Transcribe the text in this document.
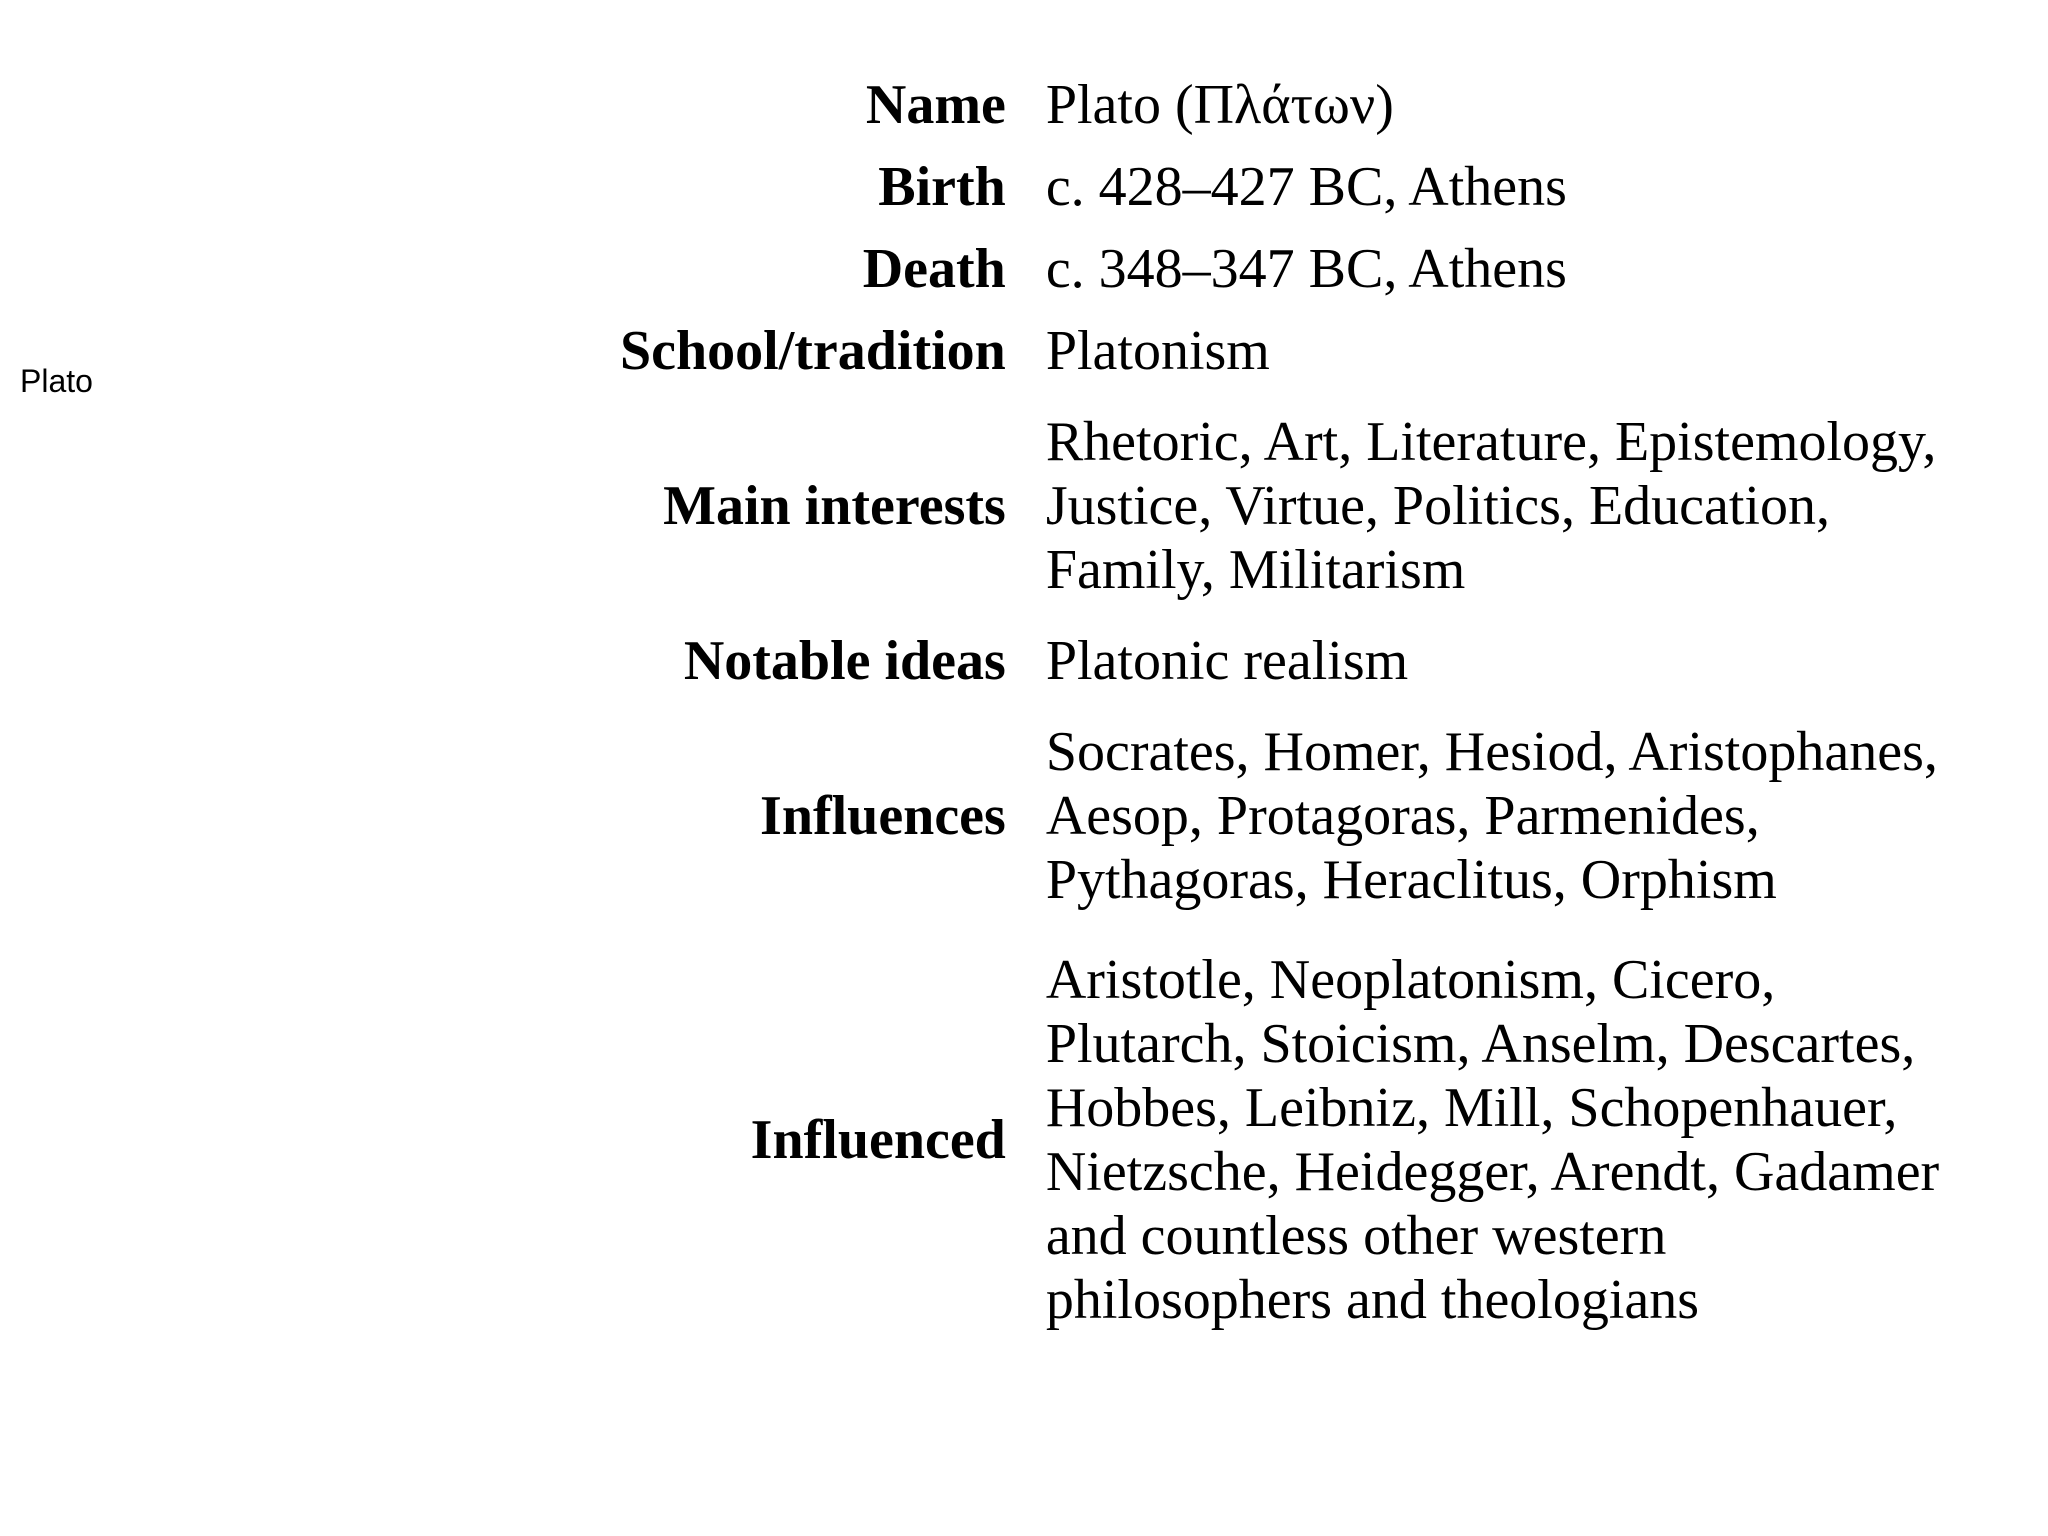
Plato
Name	Plato (Πλάτων)
Birth	c. 428–427 BC, Athens
Death	c. 348–347 BC, Athens
School/tradition	Platonism
Main interests	Rhetoric, Art, Literature, Epistemology, Justice, Virtue, Politics, Education, Family, Militarism
Notable ideas	Platonic realism
Influences	Socrates, Homer, Hesiod, Aristophanes, Aesop, Protagoras, Parmenides, Pythagoras, Heraclitus, Orphism
Influenced	Aristotle, Neoplatonism, Cicero, Plutarch, Stoicism, Anselm, Descartes, Hobbes, Leibniz, Mill, Schopenhauer, Nietzsche, Heidegger, Arendt, Gadamer and countless other western philosophers and theologians
